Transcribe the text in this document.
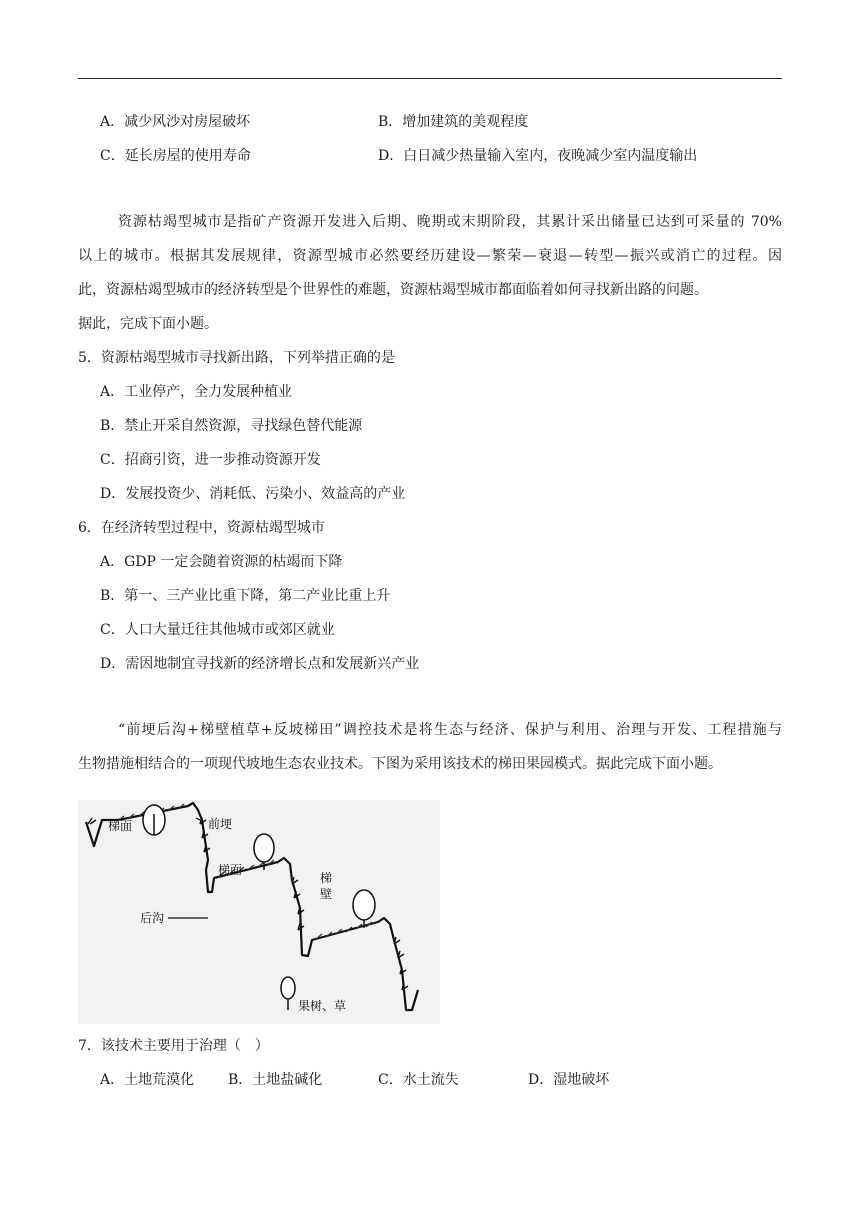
A．减少风沙对房屋破坏	B．增加建筑的美观程度
C．延长房屋的使用寿命	D．白日减少热量输入室内，夜晚减少室内温度输出
资源枯竭型城市是指矿产资源开发进入后期、晚期或末期阶段，其累计采出储量已达到可采量的 70%
以上的城市。根据其发展规律，资源型城市必然要经历建设—繁荣—衰退—转型—振兴或消亡的过程。因
此，资源枯竭型城市的经济转型是个世界性的难题，资源枯竭型城市都面临着如何寻找新出路的问题。
据此，完成下面小题。
5．资源枯竭型城市寻找新出路，下列举措正确的是
A．工业停产，全力发展种植业
B．禁止开采自然资源，寻找绿色替代能源
C．招商引资，进一步推动资源开发
D．发展投资少、消耗低、污染小、效益高的产业
6．在经济转型过程中，资源枯竭型城市
A．GDP 一定会随着资源的枯竭而下降
B．第一、三产业比重下降，第二产业比重上升
C．人口大量迁往其他城市或郊区就业
D．需因地制宜寻找新的经济增长点和发展新兴产业
“前埂后沟+梯壁植草+反坡梯田”调控技术是将生态与经济、保护与利用、治理与开发、工程措施与
生物措施相结合的一项现代坡地生态农业技术。下图为采用该技术的梯田果园模式。据此完成下面小题。
梯面	前埂
梯面
梯
壁
后沟
果树、草
7．该技术主要用于治理（　）
A．土地荒漠化 B．土地盐碱化	C．水土流失	D．湿地破坏
